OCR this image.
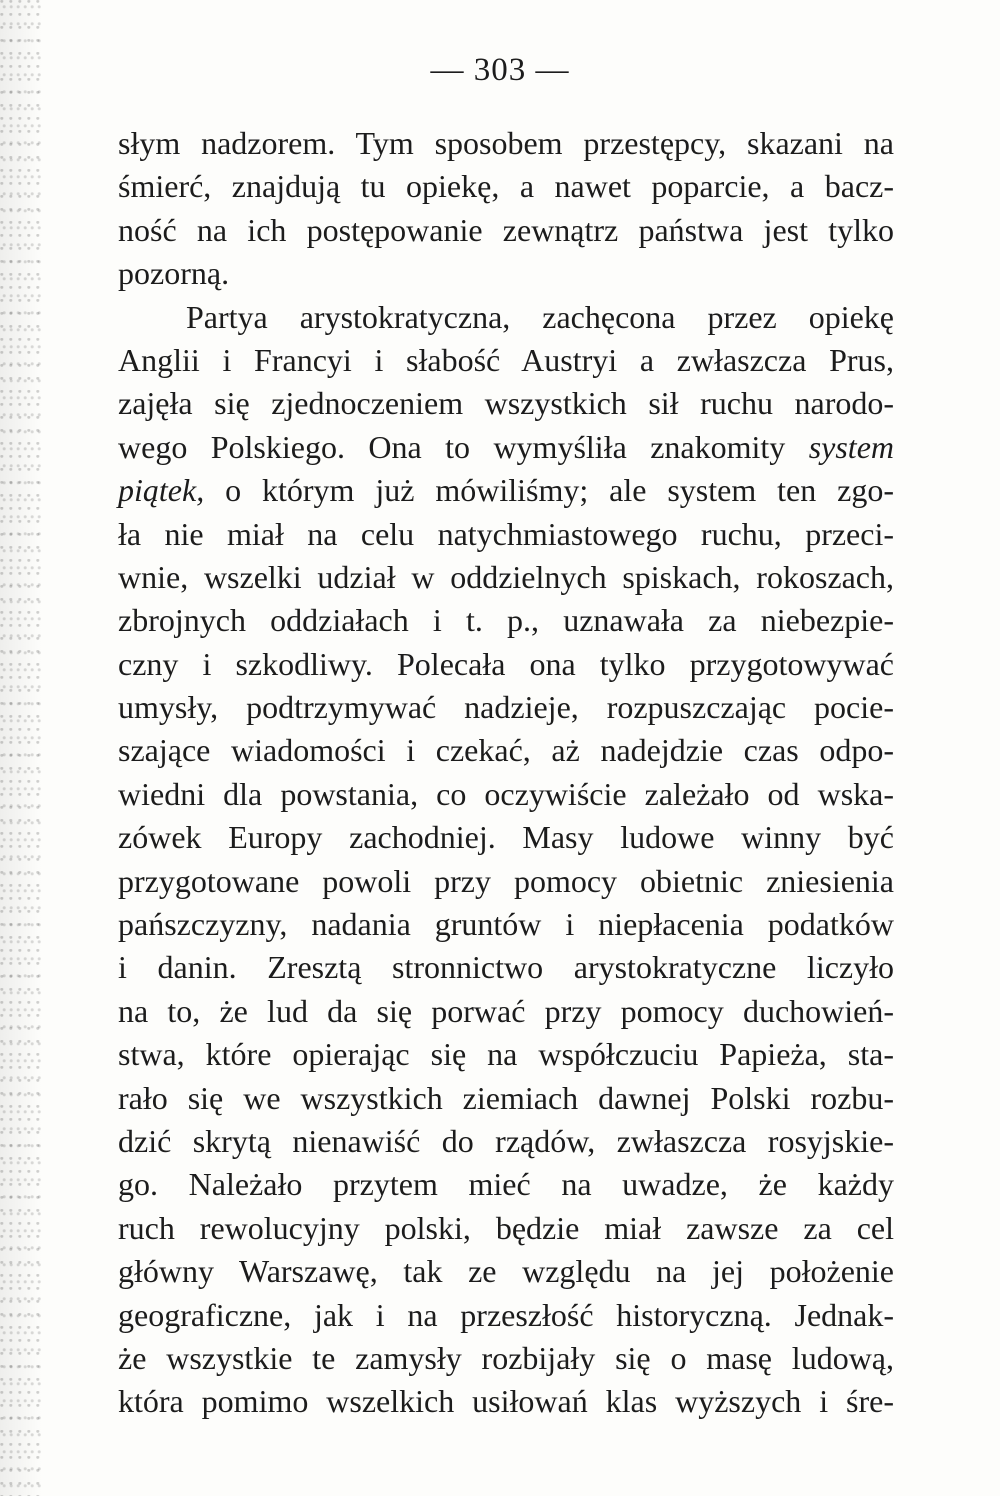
— 303 —

słym nadzorem. Tym sposobem przestępcy, skazani na
śmierć, znajdują tu opiekę, a nawet poparcie, a bacz-
ność na ich postępowanie zewnątrz państwa jest tylko
pozorną.
Partya arystokratyczna, zachęcona przez opiekę
Anglii i Francyi i słabość Austryi a zwłaszcza Prus,
zajęła się zjednoczeniem wszystkich sił ruchu narodo-
wego Polskiego. Ona to wymyśliła znakomity system
piątek, o którym już mówiliśmy; ale system ten zgo-
ła nie miał na celu natychmiastowego ruchu, przeci-
wnie, wszelki udział w oddzielnych spiskach, rokoszach,
zbrojnych oddziałach i t. p., uznawała za niebezpie-
czny i szkodliwy. Polecała ona tylko przygotowywać
umysły, podtrzymywać nadzieje, rozpuszczając pocie-
szające wiadomości i czekać, aż nadejdzie czas odpo-
wiedni dla powstania, co oczywiście zależało od wska-
zówek Europy zachodniej. Masy ludowe winny być
przygotowane powoli przy pomocy obietnic zniesienia
pańszczyzny, nadania gruntów i niepłacenia podatków
i danin. Zresztą stronnictwo arystokratyczne liczyło
na to, że lud da się porwać przy pomocy duchowień-
stwa, które opierając się na współczuciu Papieża, sta-
rało się we wszystkich ziemiach dawnej Polski rozbu-
dzić skrytą nienawiść do rządów, zwłaszcza rosyjskie-
go. Należało przytem mieć na uwadze, że każdy
ruch rewolucyjny polski, będzie miał zawsze za cel
główny Warszawę, tak ze względu na jej położenie
geograficzne, jak i na przeszłość historyczną. Jednak-
że wszystkie te zamysły rozbijały się o masę ludową,
która pomimo wszelkich usiłowań klas wyższych i śre-
